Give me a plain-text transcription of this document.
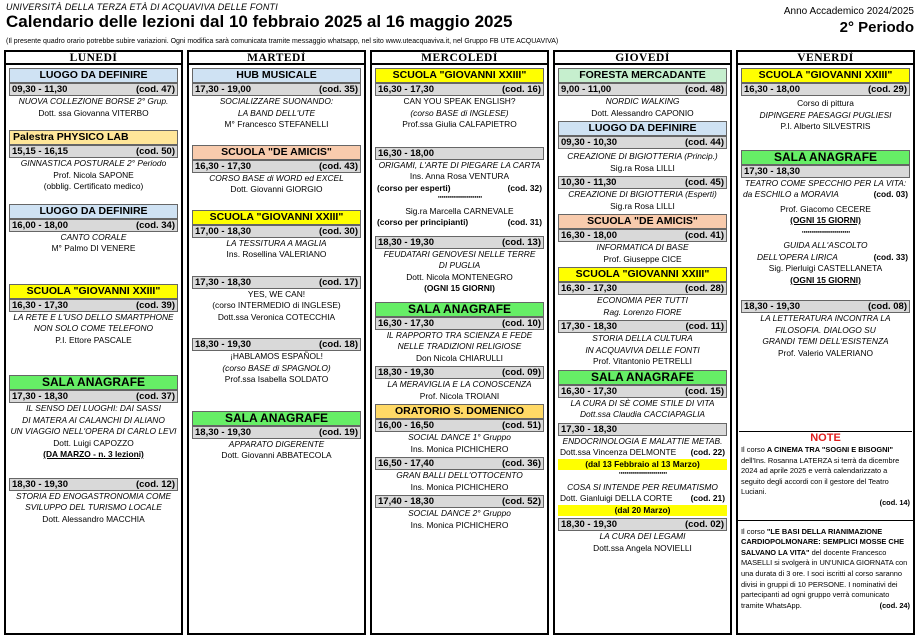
UNIVERSITÀ DELLA TERZA ETÀ DI ACQUAVIVA DELLE FONTI
Calendario delle lezioni dal 10 febbraio 2025 al 16 maggio 2025
(Il presente quadro orario potrebbe subire variazioni. Ogni modifica sarà comunicata tramite messaggio whatsapp, nel sito www.uteacquaviva.it, nel Gruppo FB UTE ACQUAVIVA)
Anno Accademico 2024/2025
2° Periodo
LUNEDÌ
LUOGO DA DEFINIRE
09,30 - 11,30	(cod. 47)
NUOVA COLLEZIONE BORSE 2° Grup.
Dott. ssa Giovanna VITERBO
Palestra PHYSICO LAB
15,15 - 16,15	(cod. 50)
GINNASTICA POSTURALE 2° Periodo
Prof. Nicola SAPONE
(obblig. Certificato medico)
LUOGO DA DEFINIRE
16,00 - 18,00	(cod. 34)
CANTO CORALE
M° Palmo DI VENERE
SCUOLA "GIOVANNI XXIII"
16,30 - 17,30	(cod. 39)
LA RETE E L'USO DELLO SMARTPHONE
NON SOLO COME TELEFONO
P.I. Ettore PASCALE
SALA ANAGRAFE
17,30 - 18,30	(cod. 37)
IL SENSO DEI LUOGHI: DAI SASSI
DI MATERA AI CALANCHI DI ALIANO
UN VIAGGIO NELL'OPERA DI CARLO LEVI
Dott. Luigi CAPOZZO
(DA MARZO - n. 3 lezioni)
18,30 - 19,30	(cod. 12)
STORIA ED ENOGASTRONOMIA COME
SVILUPPO DEL TURISMO LOCALE
Dott. Alessandro MACCHIA
MARTEDÌ
HUB MUSICALE
17,30 - 19,00	(cod. 35)
SOCIALIZZARE SUONANDO:
LA BAND DELL'UTE
M° Francesco STEFANELLI
SCUOLA "DE AMICIS"
16,30 - 17,30	(cod. 43)
CORSO BASE di WORD ed EXCEL
Dott. Giovanni GIORGIO
SCUOLA "GIOVANNI XXIII"
17,00 - 18,30	(cod. 30)
LA TESSITURA A MAGLIA
Ins. Rosellina VALERIANO
17,30 - 18,30	(cod. 17)
YES, WE CAN!
(corso INTERMEDIO di INGLESE)
Dott.ssa Veronica COTECCHIA
18,30 - 19,30	(cod. 18)
¡HABLAMOS ESPAÑOL!
(corso BASE di SPAGNOLO)
Prof.ssa Isabella SOLDATO
SALA ANAGRAFE
18,30 - 19,30	(cod. 19)
APPARATO DIGERENTE
Dott. Giovanni ABBATECOLA
MERCOLEDÌ
SCUOLA "GIOVANNI XXIII"
16,30 - 17,30	(cod. 16)
CAN YOU SPEAK ENGLISH?
(corso BASE di INGLESE)
Prof.ssa Giulia CALFAPIETRO
16,30 - 18,00
ORIGAMI, L'ARTE DI PIEGARE LA CARTA
Ins. Anna Rosa VENTURA
(corso per esperti)	(cod. 32)
""""""""""""""""""""""
Sig.ra Marcella CARNEVALE
(corso per principianti)	(cod. 31)
18,30 - 19,30	(cod. 13)
FEUDATARI GENOVESI NELLE TERRE
DI PUGLIA
Dott. Nicola MONTENEGRO
(OGNI 15 GIORNI)
SALA ANAGRAFE
16,30 - 17,30	(cod. 10)
IL RAPPORTO TRA SCIENZA E FEDE
NELLE TRADIZIONI RELIGIOSE
Don Nicola CHIARULLI
18,30 - 19,30	(cod. 09)
LA MERAVIGLIA E LA CONOSCENZA
Prof. Nicola TROIANI
ORATORIO S. DOMENICO
16,00 - 16,50	(cod. 51)
SOCIAL DANCE 1° Gruppo
Ins. Monica PICHICHERO
16,50 - 17,40	(cod. 36)
GRAN BALLI DELL'OTTOCENTO
Ins. Monica PICHICHERO
17,40 - 18,30	(cod. 52)
SOCIAL DANCE 2° Gruppo
Ins. Monica PICHICHERO
GIOVEDÌ
FORESTA MERCADANTE
9,00 - 11,00	(cod. 48)
NORDIC WALKING
Dott. Alessandro CAPONIO
LUOGO DA DEFINIRE
09,30 - 10,30	(cod. 44)
CREAZIONE DI BIGIOTTERIA (Princip.)
Sig.ra Rosa LILLI
10,30 - 11,30	(cod. 45)
CREAZIONE DI BIGIOTTERIA (Esperti)
Sig.ra Rosa LILLI
SCUOLA "DE AMICIS"
16,30 - 18,00	(cod. 41)
INFORMATICA DI BASE
Prof. Giuseppe CICE
SCUOLA "GIOVANNI XXIII"
16,30 - 17,30	(cod. 28)
ECONOMIA PER TUTTI
Rag. Lorenzo FIORE
17,30 - 18,30	(cod. 11)
STORIA DELLA CULTURA
IN ACQUAVIVA DELLE FONTI
Prof. Vitantonio PETRELLI
SALA ANAGRAFE
16,30 - 17,30	(cod. 15)
LA CURA DI SÈ COME STILE DI VITA
Dott.ssa Claudia CACCIAPAGLIA
17,30 - 18,30
ENDOCRINOLOGIA E MALATTIE METAB.
Dott.ssa Vincenza DELMONTE (cod. 22)
(dal 13 Febbraio al 13 Marzo)
""""""""""""""""""""""""
COSA SI INTENDE PER REUMATISMO
Dott. Gianluigi DELLA CORTE (cod. 21)
(dal 20 Marzo)
18,30 - 19,30	(cod. 02)
LA CURA DEI LEGAMI
Dott.ssa Angela NOVIELLI
VENERDÌ
SCUOLA "GIOVANNI XXIII"
16,30 - 18,00	(cod. 29)
Corso di pittura
DIPINGERE PAESAGGI PUGLIESI
P.I. Alberto SILVESTRIS
SALA ANAGRAFE
17,30 - 18,30
TEATRO COME SPECCHIO PER LA VITA:
da ESCHILO a MORAVIA	(cod. 03)
Prof. Giacomo CECERE
(OGNI 15 GIORNI)
""""""""""""""""""""""""
GUIDA ALL'ASCOLTO
DELL'OPERA LIRICA	(cod. 33)
Sig. Pierluigi CASTELLANETA
(OGNI 15 GIORNI)
18,30 - 19,30	(cod. 08)
LA LETTERATURA INCONTRA LA
FILOSOFIA. DIALOGO SU
GRANDI TEMI DELL'ESISTENZA
Prof. Valerio VALERIANO
NOTE
Il corso A CINEMA TRA "SOGNI E BISOGNI" dell'Ins. Rosanna LATERZA si terrà da dicembre 2024 ad aprile 2025 e verrà calendarizzato a seguito degli accordi con il gestore del Teatro Luciani.
(cod. 14)
Il corso "LE BASI DELLA RIANIMAZIONE CARDIOPOLMONARE: SEMPLICI MOSSE CHE SALVANO LA VITA" del docente Francesco MASELLI si svolgerà in UN'UNICA GIORNATA con una durata di 3 ore. I soci iscritti al corso saranno divisi in gruppi di 10 PERSONE. I nominativi dei partecipanti ad ogni gruppo verrà comunicato tramite WhatsApp.	(cod. 24)
